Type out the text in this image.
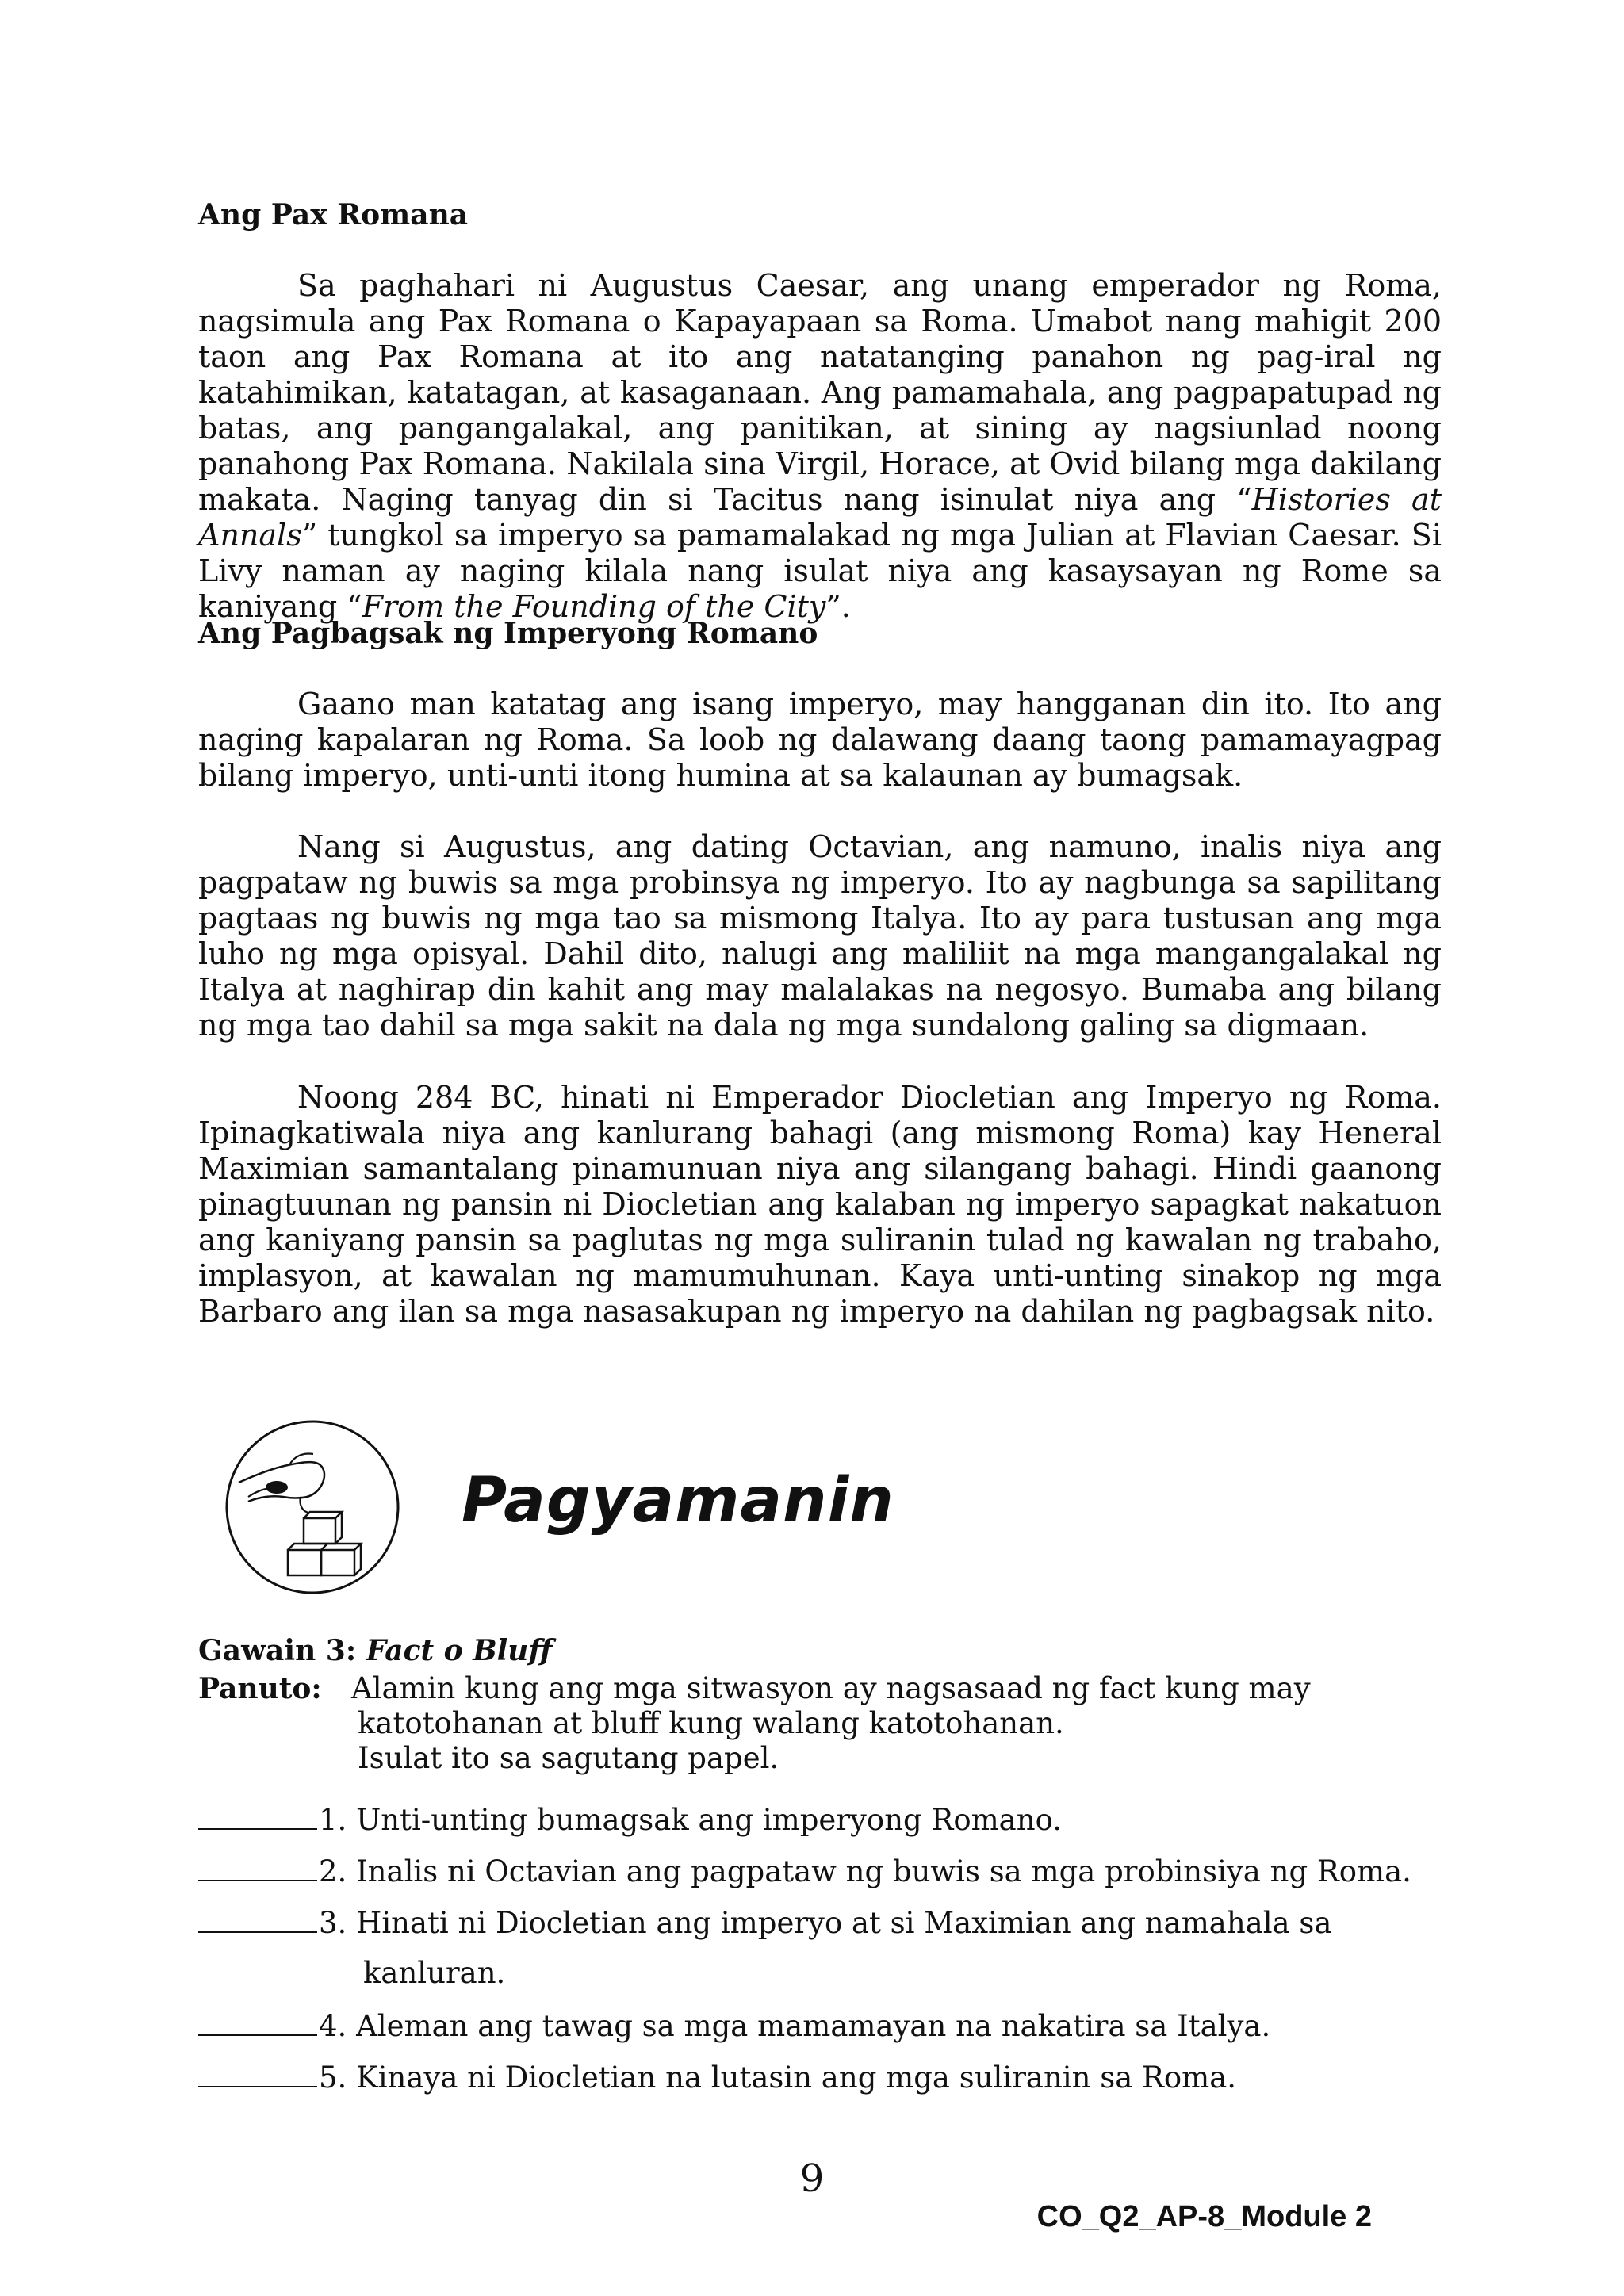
Ang Pax Romana

Sa paghahari ni Augustus Caesar, ang unang emperador ng Roma, nagsimula ang Pax Romana o Kapayapaan sa Roma. Umabot nang mahigit 200 taon ang Pax Romana at ito ang natatanging panahon ng pag-iral ng katahimikan, katatagan, at kasaganaan. Ang pamamahala, ang pagpapatupad ng batas, ang pangangalakal, ang panitikan, at sining ay nagsiunlad noong panahong Pax Romana. Nakilala sina Virgil, Horace, at Ovid bilang mga dakilang makata. Naging tanyag din si Tacitus nang isinulat niya ang “Histories at Annals” tungkol sa imperyo sa pamamalakad ng mga Julian at Flavian Caesar. Si Livy naman ay naging kilala nang isulat niya ang kasaysayan ng Rome sa kaniyang “From the Founding of the City”.

Ang Pagbagsak ng Imperyong Romano

Gaano man katatag ang isang imperyo, may hangganan din ito. Ito ang naging kapalaran ng Roma. Sa loob ng dalawang daang taong pamamayagpag bilang imperyo, unti-unti itong humina at sa kalaunan ay bumagsak.

Nang si Augustus, ang dating Octavian, ang namuno, inalis niya ang pagpataw ng buwis sa mga probinsya ng imperyo. Ito ay nagbunga sa sapilitang pagtaas ng buwis ng mga tao sa mismong Italya. Ito ay para tustusan ang mga luho ng mga opisyal. Dahil dito, nalugi ang maliliit na mga mangangalakal ng Italya at naghirap din kahit ang may malalakas na negosyo. Bumaba ang bilang ng mga tao dahil sa mga sakit na dala ng mga sundalong galing sa digmaan.

Noong 284 BC, hinati ni Emperador Diocletian ang Imperyo ng Roma. Ipinagkatiwala niya ang kanlurang bahagi (ang mismong Roma) kay Heneral Maximian samantalang pinamunuan niya ang silangang bahagi. Hindi gaanong pinagtuunan ng pansin ni Diocletian ang kalaban ng imperyo sapagkat nakatuon ang kaniyang pansin sa paglutas ng mga suliranin tulad ng kawalan ng trabaho, implasyon, at kawalan ng mamumuhunan. Kaya unti-unting sinakop ng mga Barbaro ang ilan sa mga nasasakupan ng imperyo na dahilan ng pagbagsak nito.

Pagyamanin
Gawain 3: Fact o Bluff
Panuto: Alamin kung ang mga sitwasyon ay nagsasaad ng fact kung may
katotohanan at bluff kung walang katotohanan.
Isulat ito sa sagutang papel.
1. Unti-unting bumagsak ang imperyong Romano.
2. Inalis ni Octavian ang pagpataw ng buwis sa mga probinsiya ng Roma.
3. Hinati ni Diocletian ang imperyo at si Maximian ang namahala sa
kanluran.
4. Aleman ang tawag sa mga mamamayan na nakatira sa Italya.
5. Kinaya ni Diocletian na lutasin ang mga suliranin sa Roma.
9
CO_Q2_AP-8_Module 2
